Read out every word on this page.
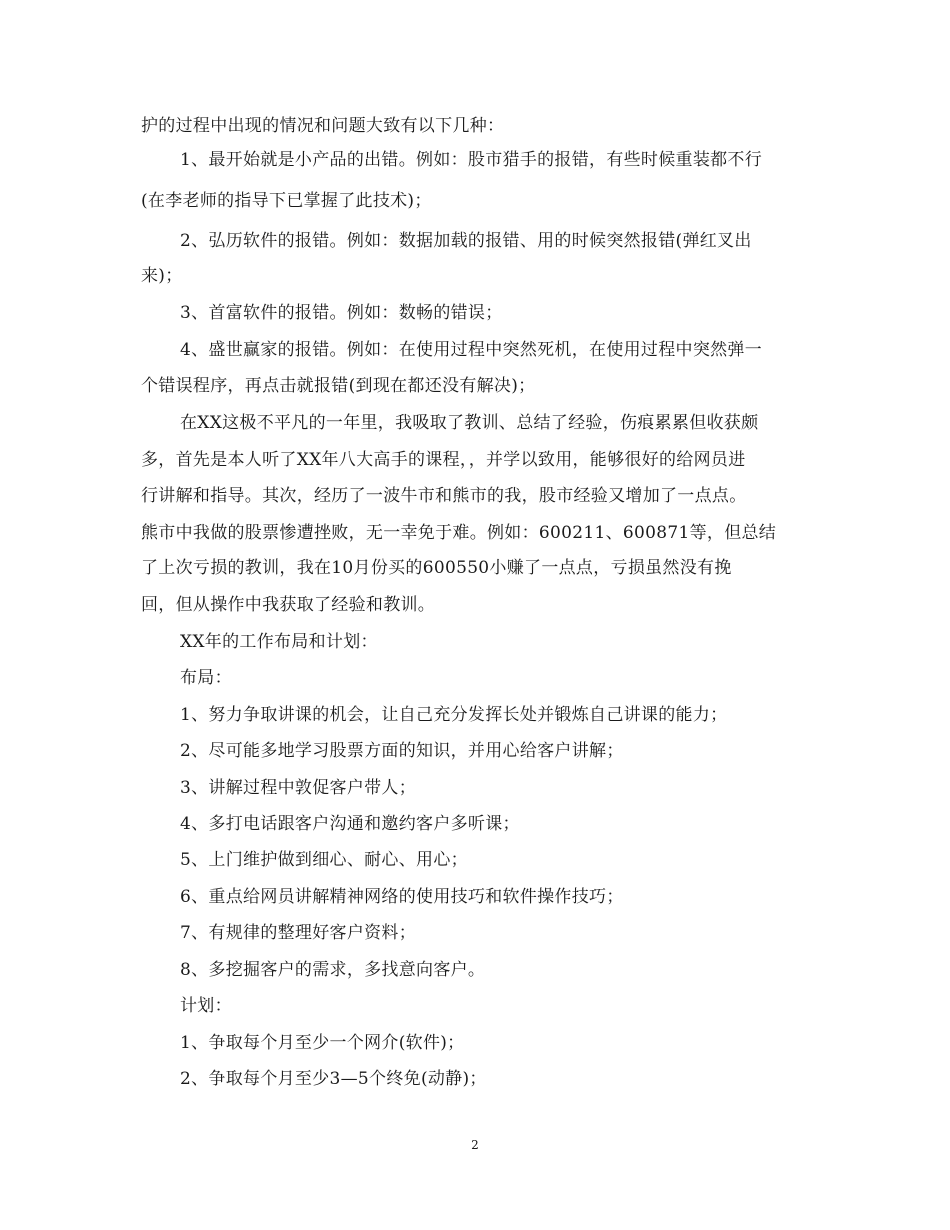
护的过程中出现的情况和问题大致有以下几种：
1、最开始就是小产品的出错。例如：股市猎手的报错，有些时候重装都不行
(在李老师的指导下已掌握了此技术)；
2、弘历软件的报错。例如：数据加载的报错、用的时候突然报错(弹红叉出
来)；
3、首富软件的报错。例如：数畅的错误；
4、盛世赢家的报错。例如：在使用过程中突然死机，在使用过程中突然弹一
个错误程序，再点击就报错(到现在都还没有解决)；
在XX这极不平凡的一年里，我吸取了教训、总结了经验，伤痕累累但收获颇
多，首先是本人听了XX年八大高手的课程，，并学以致用，能够很好的给网员进
行讲解和指导。其次，经历了一波牛市和熊市的我，股市经验又增加了一点点。
熊市中我做的股票惨遭挫败，无一幸免于难。例如：600211、600871等，但总结
了上次亏损的教训，我在10月份买的600550小赚了一点点，亏损虽然没有挽
回，但从操作中我获取了经验和教训。
XX年的工作布局和计划：
布局：
1、努力争取讲课的机会，让自己充分发挥长处并锻炼自己讲课的能力；
2、尽可能多地学习股票方面的知识，并用心给客户讲解；
3、讲解过程中敦促客户带人；
4、多打电话跟客户沟通和邀约客户多听课；
5、上门维护做到细心、耐心、用心；
6、重点给网员讲解精神网络的使用技巧和软件操作技巧；
7、有规律的整理好客户资料；
8、多挖掘客户的需求，多找意向客户。
计划：
1、争取每个月至少一个网介(软件)；
2、争取每个月至少3—5个终免(动静)；
2
